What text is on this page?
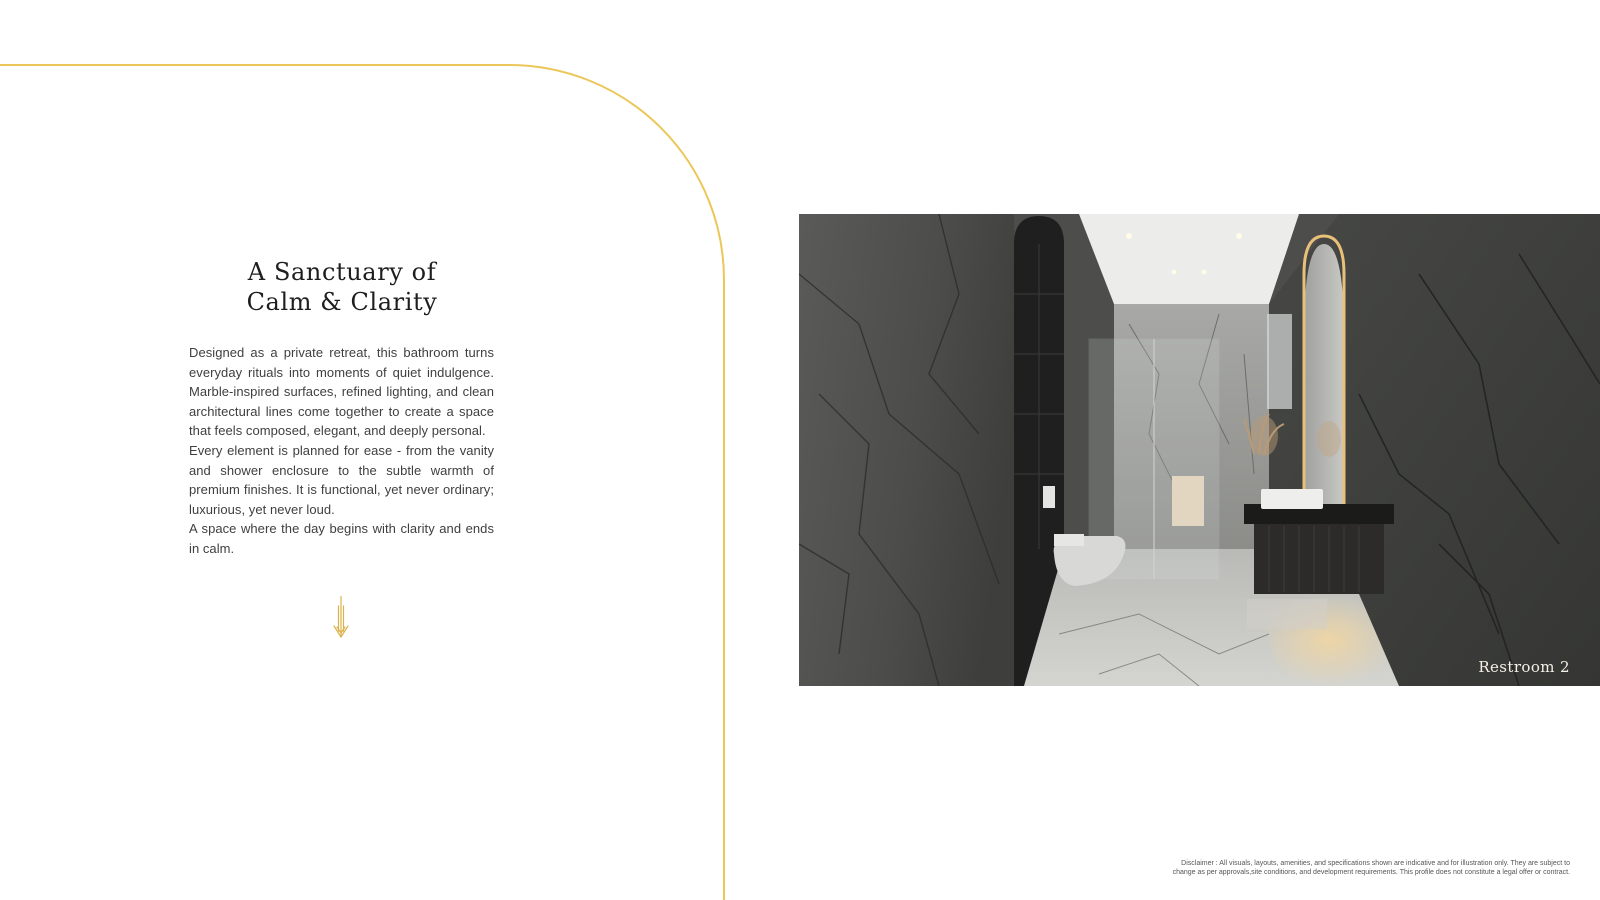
A Sanctuary of
Calm & Clarity

Designed as a private retreat, this bathroom turns everyday rituals into moments of quiet indulgence. Marble-inspired surfaces, refined lighting, and clean architectural lines come together to create a space that feels composed, elegant, and deeply personal.

Every element is planned for ease - from the vanity and shower enclosure to the subtle warmth of premium finishes. It is functional, yet never ordinary; luxurious, yet never loud.

A space where the day begins with clarity and ends in calm.

Restroom 2
Disclaimer : All visuals, layouts, amenities, and specifications shown are indicative and for illustration only. They are subject to
change as per approvals,site conditions, and development requirements. This profile does not constitute a legal offer or contract.
